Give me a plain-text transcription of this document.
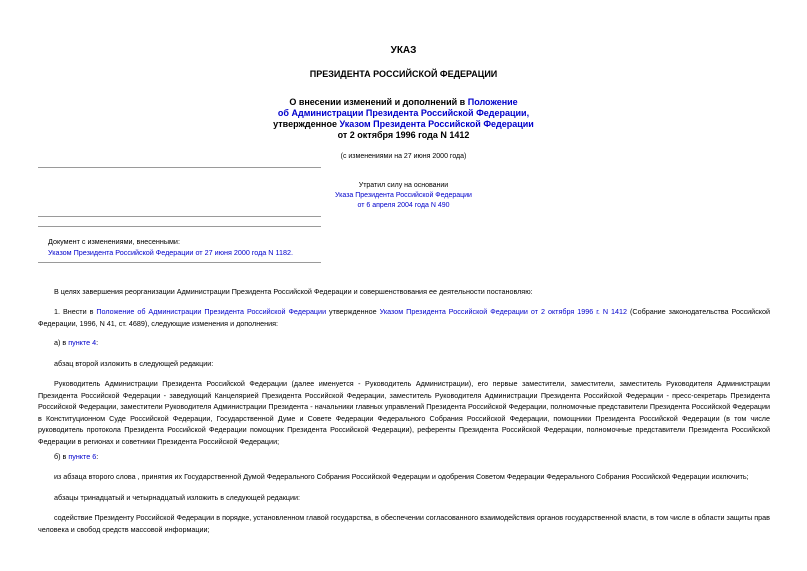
УКАЗ
ПРЕЗИДЕНТА РОССИЙСКОЙ ФЕДЕРАЦИИ
О внесении изменений и дополнений в Положение
об Администрации Президента Российской Федерации,
утвержденное Указом Президента Российской Федерации
от 2 октября 1996 года N 1412
(с изменениями на 27 июня 2000 года)
Утратил силу на основании
Указа Президента Российской Федерации
от 6 апреля 2004 года N 490
Документ с изменениями, внесенными:
Указом Президента Российской Федерации от 27 июня 2000 года N 1182.
В целях завершения реорганизации Администрации Президента Российской Федерации и совершенствования ее деятельности постановляю:
1. Внести в Положение об Администрации Президента Российской Федерации утвержденное Указом Президента Российской Федерации от 2 октября 1996 г. N 1412 (Собрание законодательства Российской Федерации, 1996, N 41, ст. 4689), следующие изменения и дополнения:
а) в пункте 4:
абзац второй изложить в следующей редакции:
Руководитель Администрации Президента Российской Федерации (далее именуется - Руководитель Администрации), его первые заместители, заместители, заместитель Руководителя Администрации Президента Российской Федерации - заведующий Канцелярией Президента Российской Федерации, заместитель Руководителя Администрации Президента Российской Федерации - пресс-секретарь Президента Российской Федерации, заместители Руководителя Администрации Президента - начальники главных управлений Президента Российской Федерации, полномочные представители Президента Российской Федерации в Конституционном Суде Российской Федерации, Государственной Думе и Совете Федерации Федерального Собрания Российской Федерации, помощники Президента Российской Федерации (в том числе руководитель протокола Президента Российской Федерации помощник Президента Российской Федерации), референты Президента Российской Федерации, полномочные представители Президента Российской Федерации в регионах и советники Президента Российской Федерации;
б) в пункте 6:
из абзаца второго слова , принятия их Государственной Думой Федерального Собрания Российской Федерации и одобрения Советом Федерации Федерального Собрания Российской Федерации исключить;
абзацы тринадцатый и четырнадцатый изложить в следующей редакции:
содействие Президенту Российской Федерации в порядке, установленном главой государства, в обеспечении согласованного взаимодействия органов государственной власти, в том числе в области защиты прав человека и свобод средств массовой информации;
